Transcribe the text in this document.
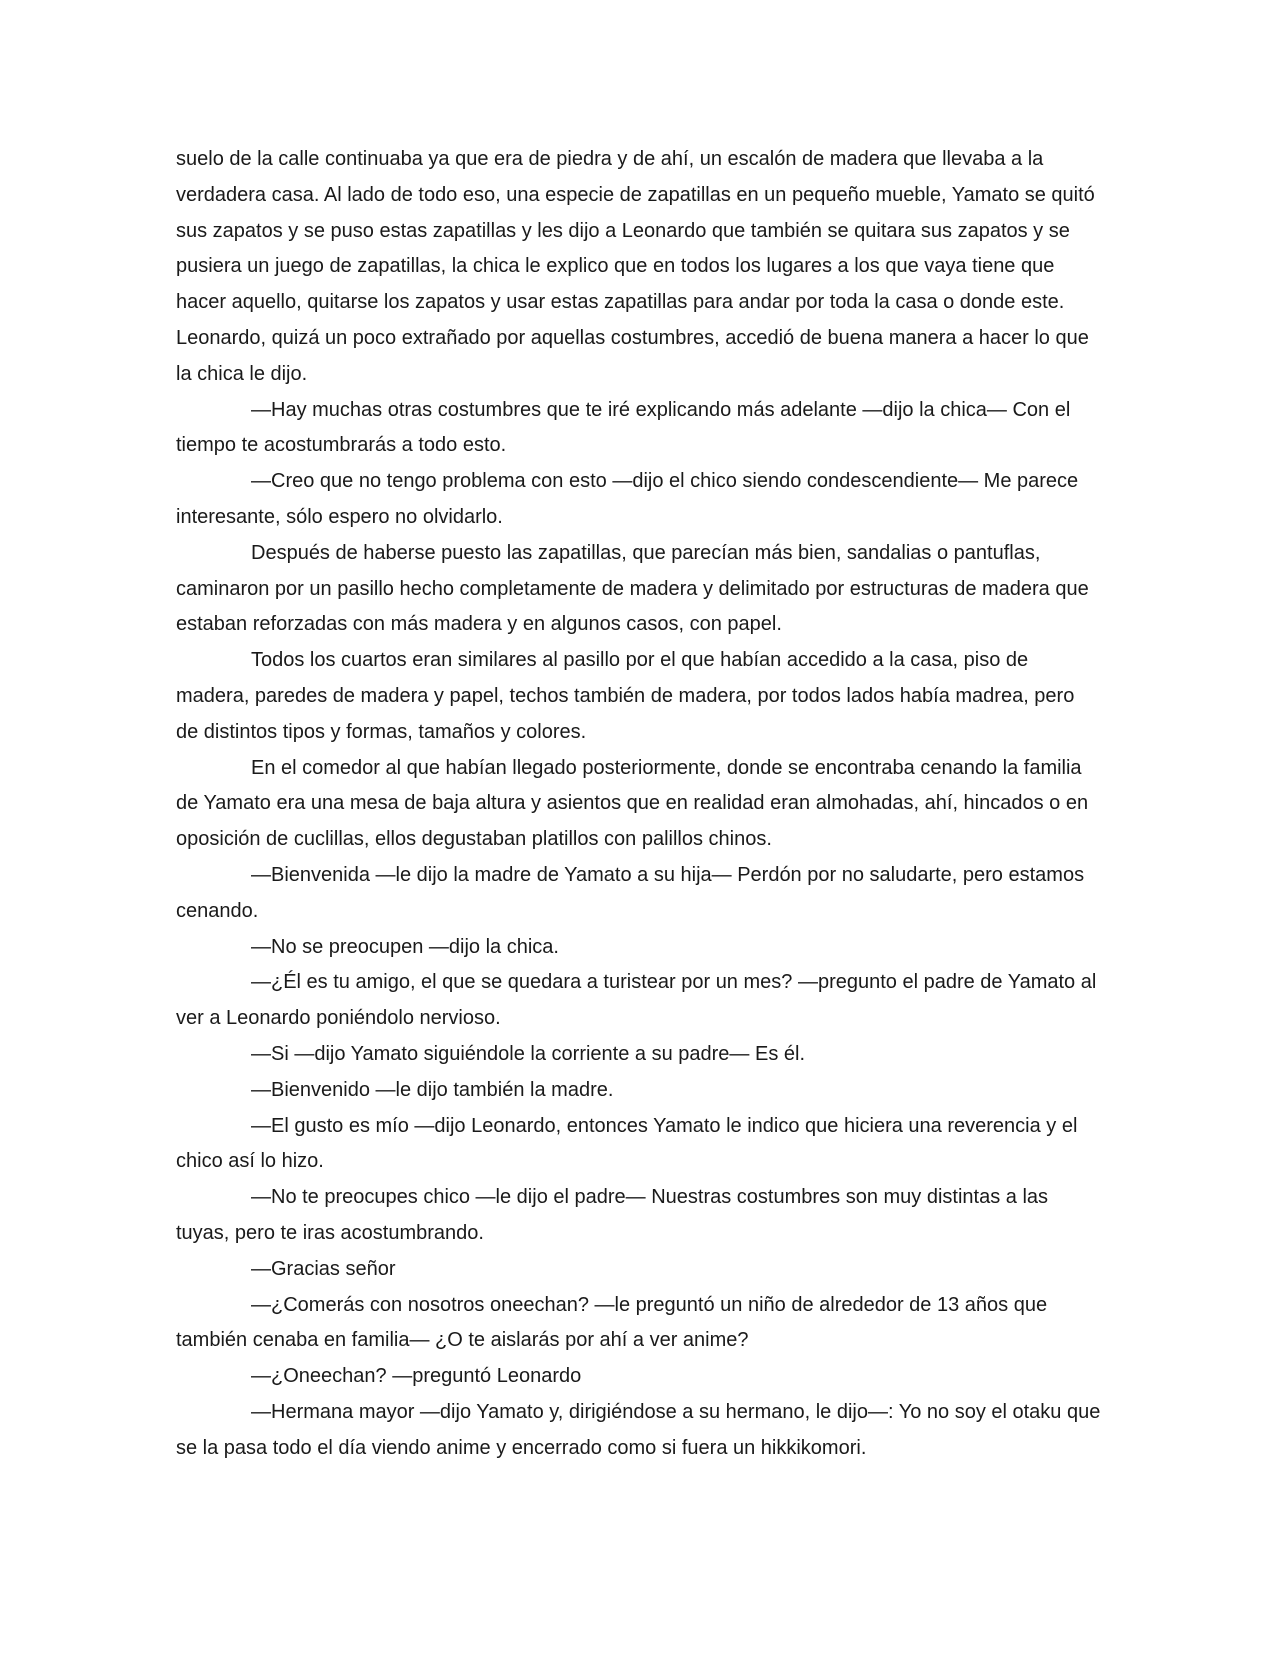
suelo de la calle continuaba ya que era de piedra y de ahí, un escalón de madera que llevaba a la verdadera casa. Al lado de todo eso, una especie de zapatillas en un pequeño mueble, Yamato se quitó sus zapatos y se puso estas zapatillas y les dijo a Leonardo que también se quitara sus zapatos y se pusiera un juego de zapatillas, la chica le explico que en todos los lugares a los que vaya tiene que hacer aquello, quitarse los zapatos y usar estas zapatillas para andar por toda la casa o donde este. Leonardo, quizá un poco extrañado por aquellas costumbres, accedió de buena manera a hacer lo que la chica le dijo.

―Hay muchas otras costumbres que te iré explicando más adelante ―dijo la chica― Con el tiempo te acostumbrarás a todo esto.

―Creo que no tengo problema con esto ―dijo el chico siendo condescendiente― Me parece interesante, sólo espero no olvidarlo.

Después de haberse puesto las zapatillas, que parecían más bien, sandalias o pantuflas, caminaron por un pasillo hecho completamente de madera y delimitado por estructuras de madera que estaban reforzadas con más madera y en algunos casos, con papel.

Todos los cuartos eran similares al pasillo por el que habían accedido a la casa, piso de madera, paredes de madera y papel, techos también de madera, por todos lados había madrea, pero de distintos tipos y formas, tamaños y colores.

En el comedor al que habían llegado posteriormente, donde se encontraba cenando la familia de Yamato era una mesa de baja altura y asientos que en realidad eran almohadas, ahí, hincados o en oposición de cuclillas, ellos degustaban platillos con palillos chinos.

―Bienvenida ―le dijo la madre de Yamato a su hija― Perdón por no saludarte, pero estamos cenando.

―No se preocupen ―dijo la chica.

―¿Él es tu amigo, el que se quedara a turistear por un mes? ―pregunto el padre de Yamato al ver a Leonardo poniéndolo nervioso.

―Si ―dijo Yamato siguiéndole la corriente a su padre― Es él.

―Bienvenido ―le dijo también la madre.

―El gusto es mío ―dijo Leonardo, entonces Yamato le indico que hiciera una reverencia y el chico así lo hizo.

―No te preocupes chico ―le dijo el padre― Nuestras costumbres son muy distintas a las tuyas, pero te iras acostumbrando.

―Gracias señor

―¿Comerás con nosotros oneechan? ―le preguntó un niño de alrededor de 13 años que también cenaba en familia― ¿O te aislarás por ahí a ver anime?

―¿Oneechan? ―preguntó Leonardo

―Hermana mayor ―dijo Yamato y, dirigiéndose a su hermano, le dijo―: Yo no soy el otaku que se la pasa todo el día viendo anime y encerrado como si fuera un hikkikomori.
